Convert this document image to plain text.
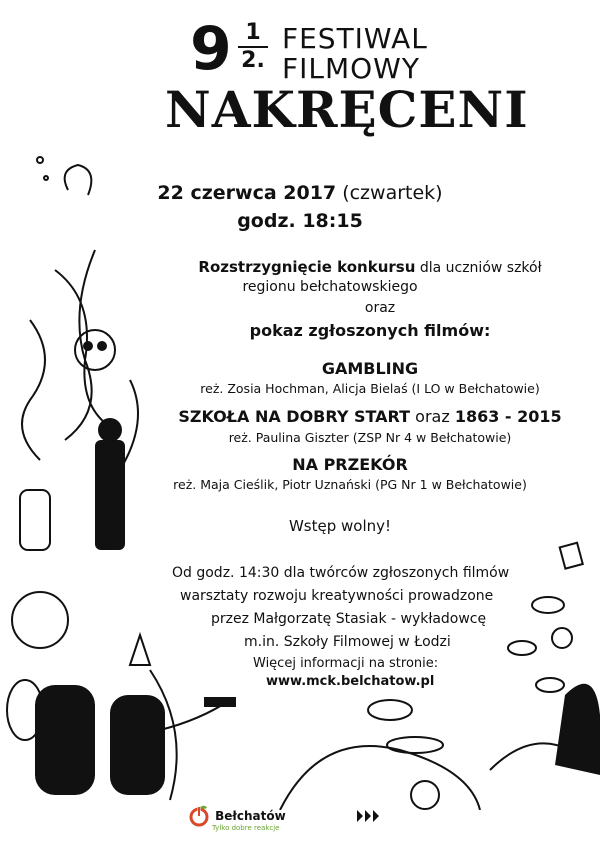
$9 \frac{1}{2.}$ FESTIWAL
FILMOWY
NAKRĘCENI
22 czerwca 2017 (czwartek)
godz. 18:15
Rozstrzygnięcie konkursu dla uczniów szkół
regionu bełchatowskiego
oraz
pokaz zgłoszonych filmów:
GAMBLING
reż. Zosia Hochman, Alicja Bielaś (I LO w Bełchatowie)
SZKOŁA NA DOBRY START oraz 1863 - 2015
reż. Paulina Giszter (ZSP Nr 4 w Bełchatowie)
NA PRZEKÓR
reż. Maja Cieślik, Piotr Uznański (PG Nr 1 w Bełchatowie)
Wstęp wolny!
Od godz. 14:30 dla twórców zgłoszonych filmów
warsztaty rozwoju kreatywności prowadzone
przez Małgorzatę Stasiak - wykładowcę
m.in. Szkoły Filmowej w Łodzi
Więcej informacji na stronie:
www.mck.belchatow.pl
Bełchatów
Tylko dobre reakcje
